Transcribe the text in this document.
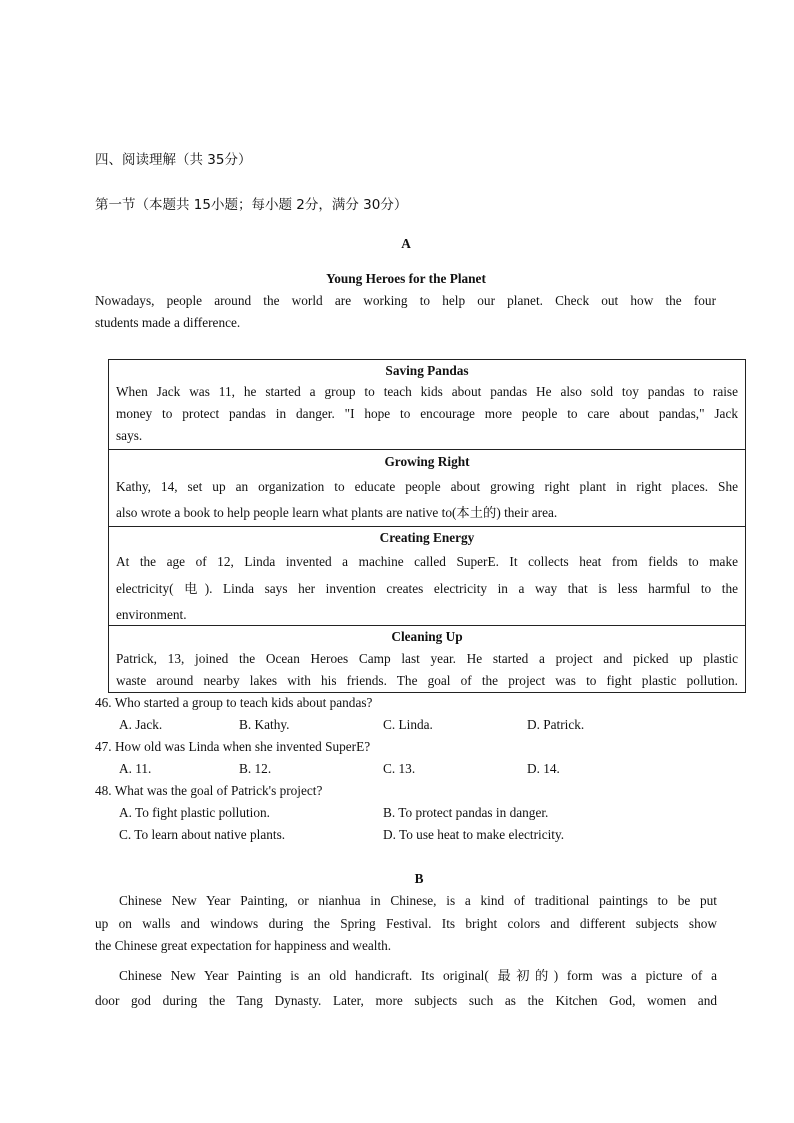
四、阅读理解（共 35分）
第一节（本题共 15小题；每小题 2分，满分 30分）
A
Young Heroes for the Planet
Nowadays, people around the world are working to help our planet. Check out how the four
students made a difference.
Saving Pandas
When Jack was 11, he started a group to teach kids about pandas He also sold toy pandas to raise
money to protect pandas in danger. "I hope to encourage more people to care about pandas," Jack
says.
Growing Right
Kathy, 14, set up an organization to educate people about growing right plant in right places. She
also wrote a book to help people learn what plants are native to(本土的) their area.
Creating Energy
At the age of 12, Linda invented a machine called SuperE. It collects heat from fields to make
electricity( 电). Linda says her invention creates electricity in a way that is less harmful to the
environment.
Cleaning Up
Patrick, 13, joined the Ocean Heroes Camp last year. He started a project and picked up plastic
waste around nearby lakes with his friends. The goal of the project was to fight plastic pollution.
46. Who started a group to teach kids about pandas?
A. Jack.	B. Kathy.	C. Linda.	D. Patrick.
47. How old was Linda when she invented SuperE?
A. 11.	B. 12.	C. 13.	D. 14.
48. What was the goal of Patrick's project?
A. To fight plastic pollution.	B. To protect pandas in danger.
C. To learn about native plants.	D. To use heat to make electricity.
B
Chinese New Year Painting, or nianhua in Chinese, is a kind of traditional paintings to be put
up on walls and windows during the Spring Festival. Its bright colors and different subjects show
the Chinese great expectation for happiness and wealth.
Chinese New Year Painting is an old handicraft. Its original( 最初的) form was a picture of a
door god during the Tang Dynasty. Later, more subjects such as the Kitchen God, women and
